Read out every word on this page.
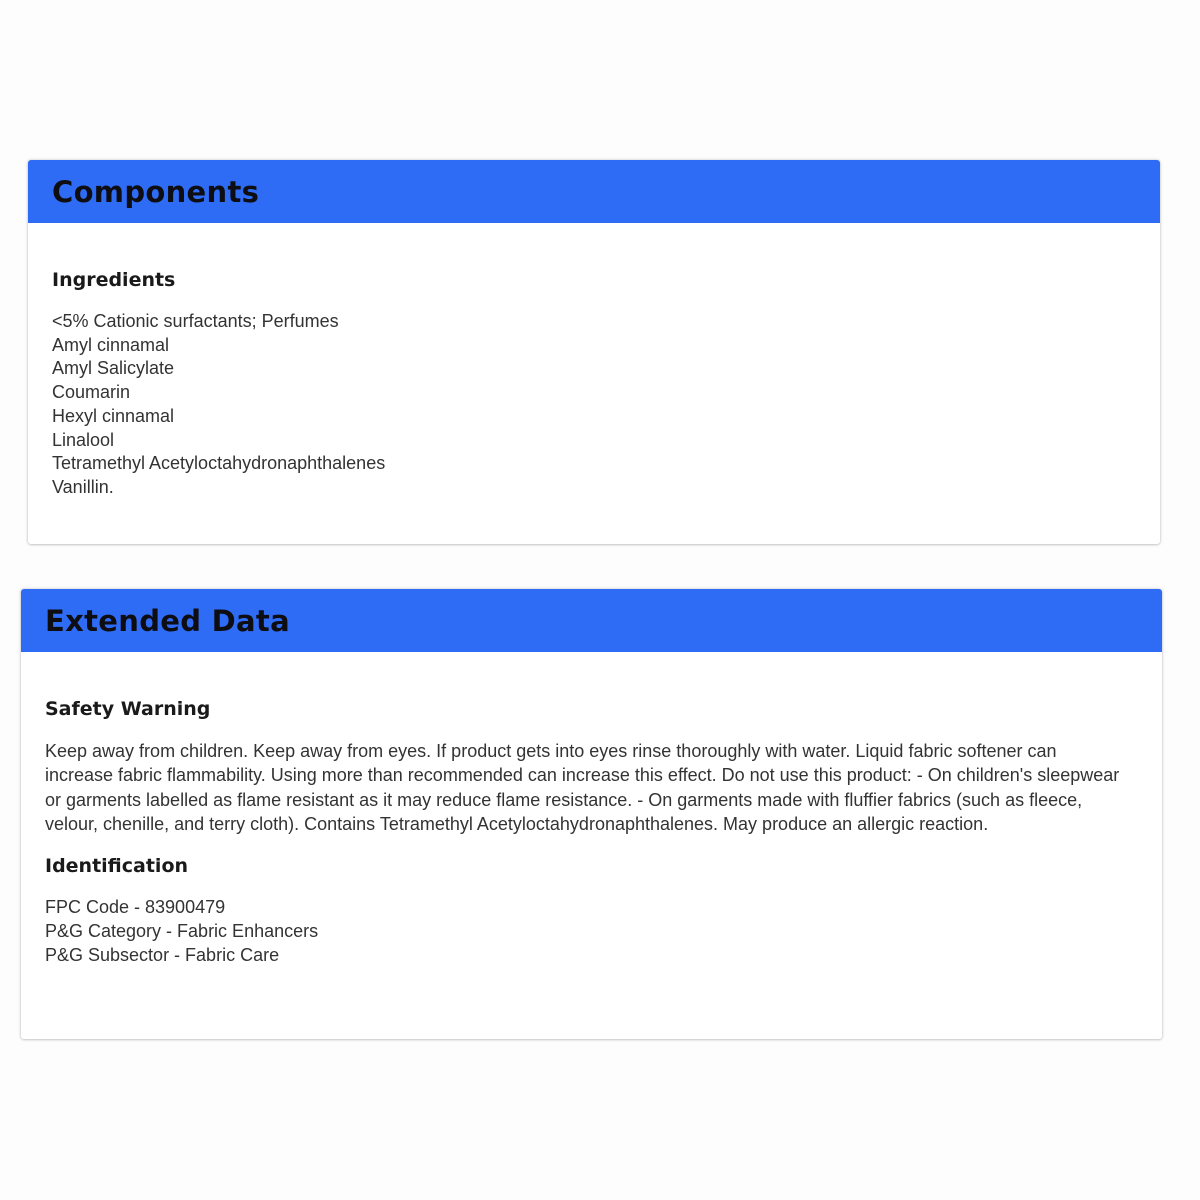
Components
Ingredients
<5% Cationic surfactants; Perfumes
Amyl cinnamal
Amyl Salicylate
Coumarin
Hexyl cinnamal
Linalool
Tetramethyl Acetyloctahydronaphthalenes
Vanillin.
Extended Data
Safety Warning

Keep away from children. Keep away from eyes. If product gets into eyes rinse thoroughly with water. Liquid fabric softener can increase fabric flammability. Using more than recommended can increase this effect. Do not use this product: - On children's sleepwear or garments labelled as flame resistant as it may reduce flame resistance. - On garments made with fluffier fabrics (such as fleece, velour, chenille, and terry cloth). Contains Tetramethyl Acetyloctahydronaphthalenes. May produce an allergic reaction.

Identification
FPC Code - 83900479
P&G Category - Fabric Enhancers
P&G Subsector - Fabric Care
